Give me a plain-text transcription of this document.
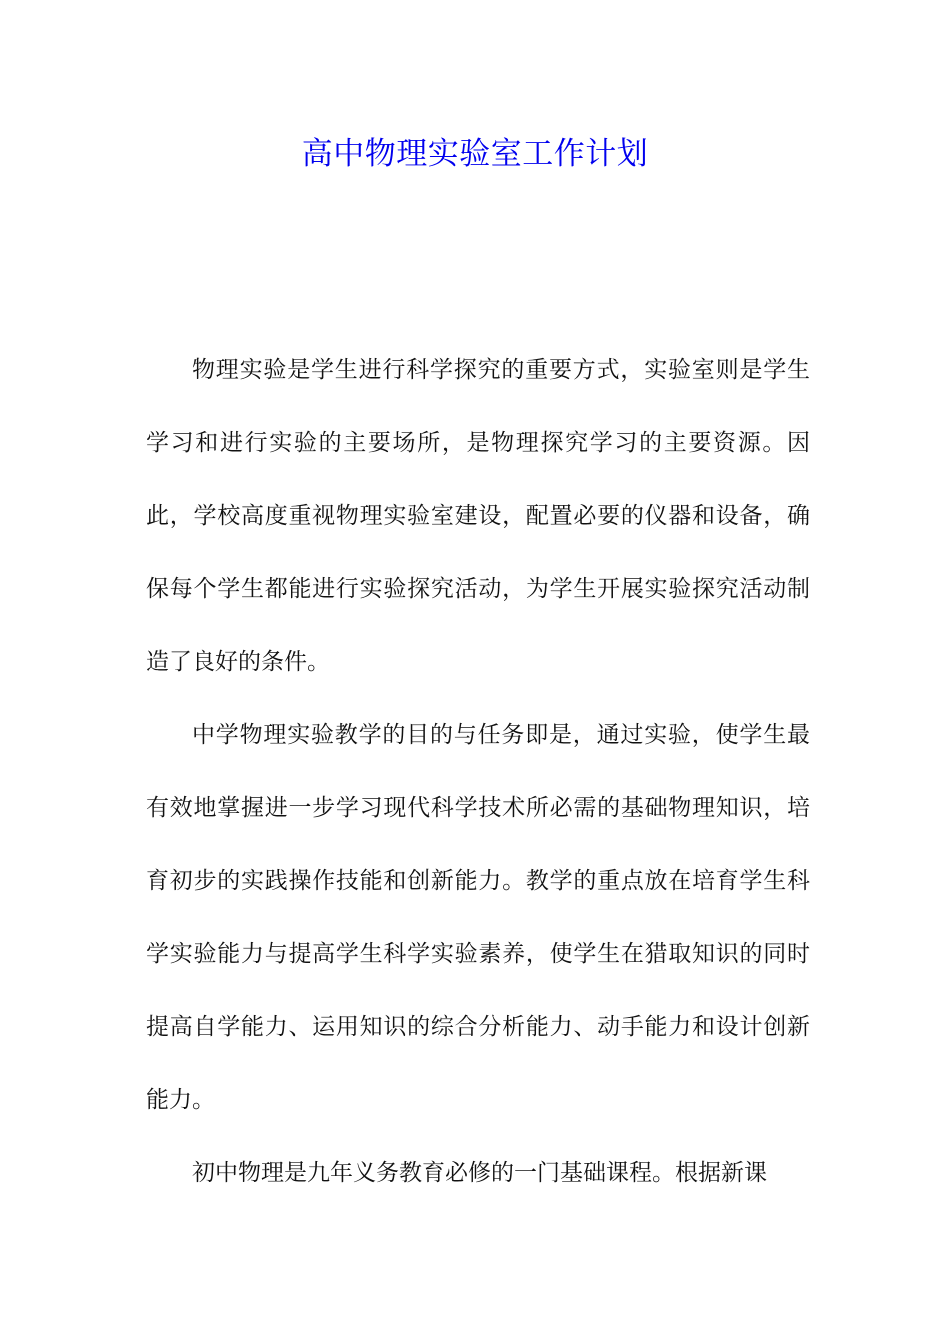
高中物理实验室工作计划

物理实验是学生进行科学探究的重要方式，实验室则是学生学习和进行实验的主要场所，是物理探究学习的主要资源。因此，学校高度重视物理实验室建设，配置必要的仪器和设备，确保每个学生都能进行实验探究活动，为学生开展实验探究活动制造了良好的条件。

中学物理实验教学的目的与任务即是，通过实验，使学生最有效地掌握进一步学习现代科学技术所必需的基础物理知识，培育初步的实践操作技能和创新能力。教学的重点放在培育学生科学实验能力与提高学生科学实验素养，使学生在猎取知识的同时提高自学能力、运用知识的综合分析能力、动手能力和设计创新能力。

初中物理是九年义务教育必修的一门基础课程。根据新课
